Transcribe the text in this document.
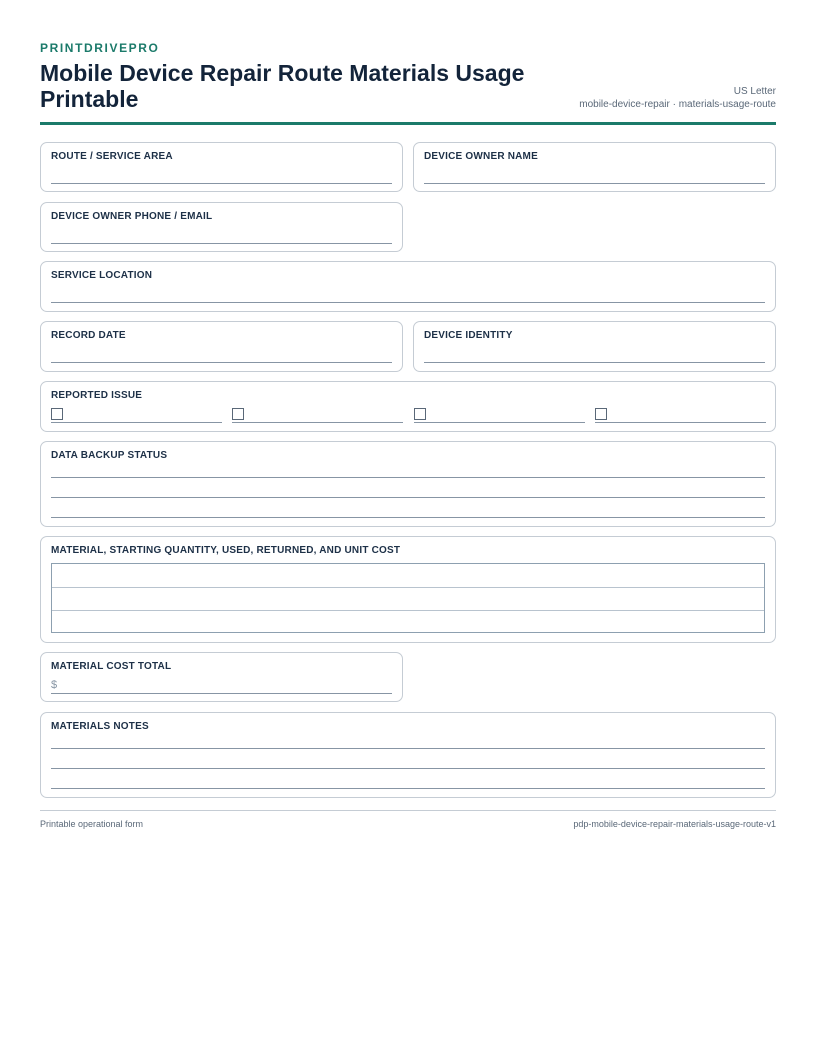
PRINTDRIVEPRO
Mobile Device Repair Route Materials Usage Printable	US Letter
mobile-device-repair · materials-usage-route
ROUTE / SERVICE AREA	DEVICE OWNER NAME
DEVICE OWNER PHONE / EMAIL
SERVICE LOCATION
RECORD DATE	DEVICE IDENTITY
REPORTED ISSUE
DATA BACKUP STATUS
MATERIAL, STARTING QUANTITY, USED, RETURNED, AND UNIT COST
MATERIAL COST TOTAL
$
MATERIALS NOTES
Printable operational form	pdp-mobile-device-repair-materials-usage-route-v1
